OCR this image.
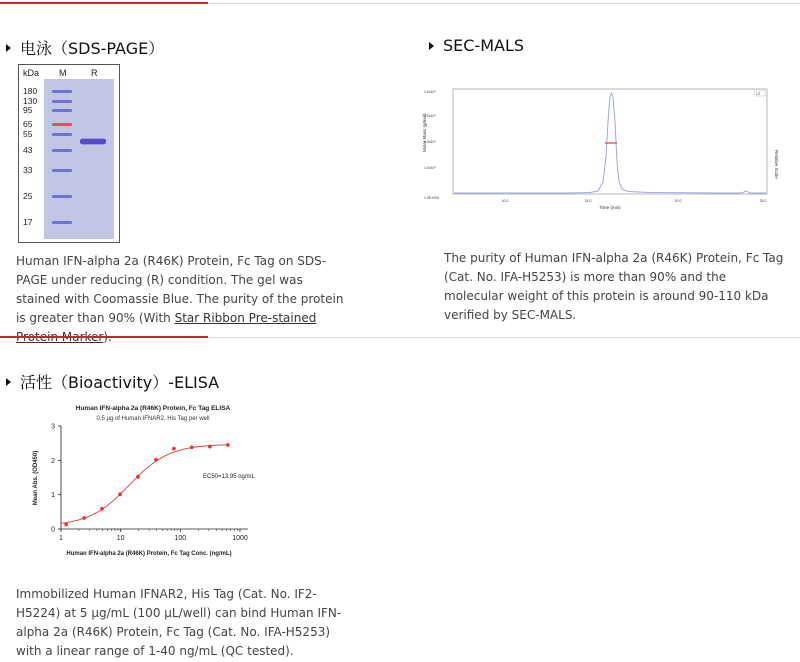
电泳（SDS-PAGE）
kDa M	R
180
130
95
65
55
43
33
25
17
Human IFN-alpha 2a (R46K) Protein, Fc Tag on SDS-PAGE under reducing (R) condition. The gel was stained with Coomassie Blue. The purity of the protein is greater than 90% (With Star Ribbon Pre-stained
SEC-MALS
1.0x10⁵
1.0x10⁵
1.0x10⁵
1.0x10⁵
10.0	15.0	20.0	25.0
Molar Mass (g/mol)
Relative Scale
Time (min)
LS
1.0E+004
The purity of Human IFN-alpha 2a (R46K) Protein, Fc Tag (Cat. No. IFA-H5253) is more than 90% and the molecular weight of this protein is around 90-110 kDa verified by SEC-MALS.
活性（Bioactivity）-ELISA
Human IFN-alpha 2a (R46K) Protein, Fc Tag ELISA
0.5 μg of Human IFNAR2, His Tag per well
0
1
2
3
1	10	100	1000
Mean Abs. (OD450)
Human IFN-alpha 2a (R46K) Protein, Fc Tag Conc. (ng/mL)
EC50=13.95 ng/mL
Immobilized Human IFNAR2, His Tag (Cat. No. IF2-H5224) at 5 μg/mL (100 μL/well) can bind Human IFN-alpha 2a (R46K) Protein, Fc Tag (Cat. No. IFA-H5253) with a linear range of 1-40 ng/mL (QC tested).
